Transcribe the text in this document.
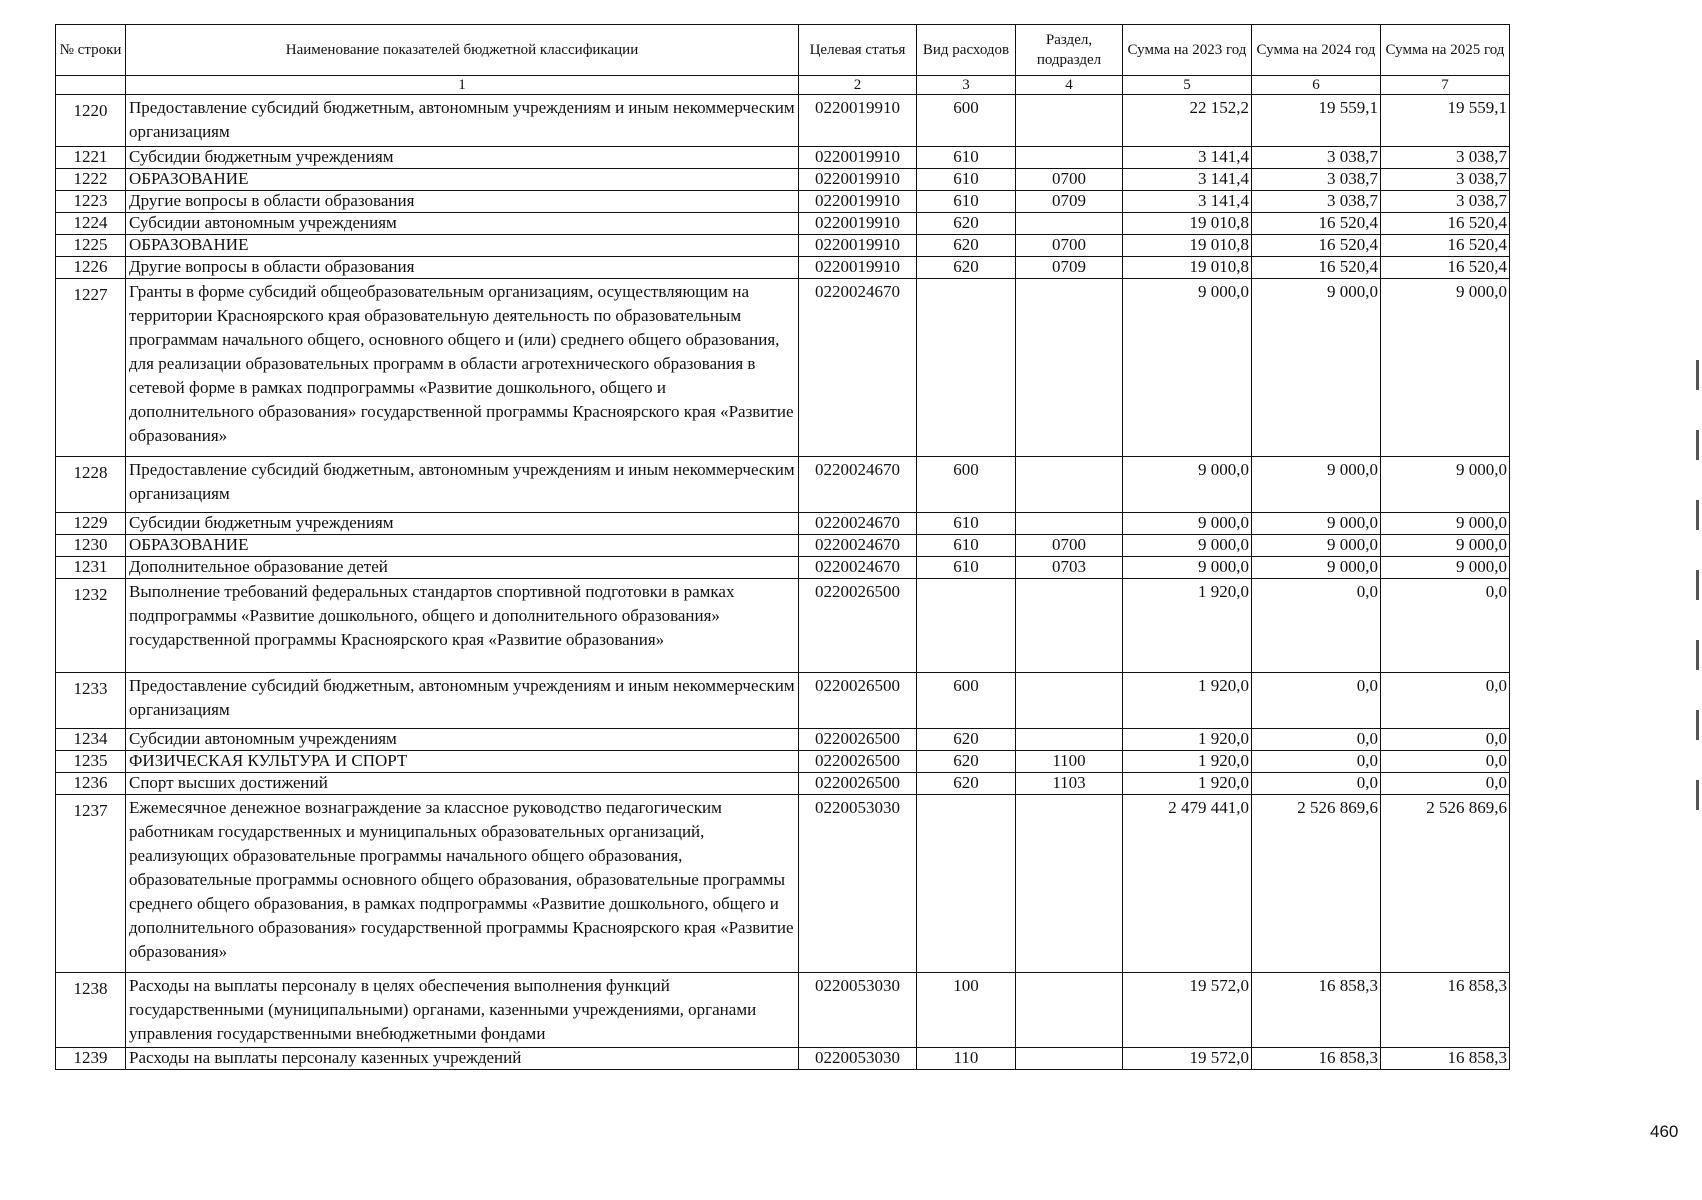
№ строки	Наименование показателей бюджетной классификации	Целевая статья	Вид расходов	Раздел, подраздел	Сумма на 2023 год	Сумма на 2024 год	Сумма на 2025 год
	1	2	3	4	5	6	7
1220	Предоставление субсидий бюджетным, автономным учреждениям и иным некоммерческим организациям	0220019910	600		22 152,2	19 559,1	19 559,1
1221	Субсидии бюджетным учреждениям	0220019910	610		3 141,4	3 038,7	3 038,7
1222	ОБРАЗОВАНИЕ	0220019910	610	0700	3 141,4	3 038,7	3 038,7
1223	Другие вопросы в области образования	0220019910	610	0709	3 141,4	3 038,7	3 038,7
1224	Субсидии автономным учреждениям	0220019910	620		19 010,8	16 520,4	16 520,4
1225	ОБРАЗОВАНИЕ	0220019910	620	0700	19 010,8	16 520,4	16 520,4
1226	Другие вопросы в области образования	0220019910	620	0709	19 010,8	16 520,4	16 520,4
1227	Гранты в форме субсидий общеобразовательным организациям, осуществляющим на территории Красноярского края образовательную деятельность по образовательным программам начального общего, основного общего и (или) среднего общего образования, для реализации образовательных программ в области агротехнического образования в сетевой форме в рамках подпрограммы «Развитие дошкольного, общего и дополнительного образования» государственной программы Красноярского края «Развитие образования»	0220024670			9 000,0	9 000,0	9 000,0
1228	Предоставление субсидий бюджетным, автономным учреждениям и иным некоммерческим организациям	0220024670	600		9 000,0	9 000,0	9 000,0
1229	Субсидии бюджетным учреждениям	0220024670	610		9 000,0	9 000,0	9 000,0
1230	ОБРАЗОВАНИЕ	0220024670	610	0700	9 000,0	9 000,0	9 000,0
1231	Дополнительное образование детей	0220024670	610	0703	9 000,0	9 000,0	9 000,0
1232	Выполнение требований федеральных стандартов спортивной подготовки в рамках подпрограммы «Развитие дошкольного, общего и дополнительного образования» государственной программы Красноярского края «Развитие образования»	0220026500			1 920,0	0,0	0,0
1233	Предоставление субсидий бюджетным, автономным учреждениям и иным некоммерческим организациям	0220026500	600		1 920,0	0,0	0,0
1234	Субсидии автономным учреждениям	0220026500	620		1 920,0	0,0	0,0
1235	ФИЗИЧЕСКАЯ КУЛЬТУРА И СПОРТ	0220026500	620	1100	1 920,0	0,0	0,0
1236	Спорт высших достижений	0220026500	620	1103	1 920,0	0,0	0,0
1237	Ежемесячное денежное вознаграждение за классное руководство педагогическим работникам государственных и муниципальных образовательных организаций, реализующих образовательные программы начального общего образования, образовательные программы основного общего образования, образовательные программы среднего общего образования, в рамках подпрограммы «Развитие дошкольного, общего и дополнительного образования» государственной программы Красноярского края «Развитие образования»	0220053030			2 479 441,0	2 526 869,6	2 526 869,6
1238	Расходы на выплаты персоналу в целях обеспечения выполнения функций государственными (муниципальными) органами, казенными учреждениями, органами управления государственными внебюджетными фондами	0220053030	100		19 572,0	16 858,3	16 858,3
1239	Расходы на выплаты персоналу казенных учреждений	0220053030	110		19 572,0	16 858,3	16 858,3
460
